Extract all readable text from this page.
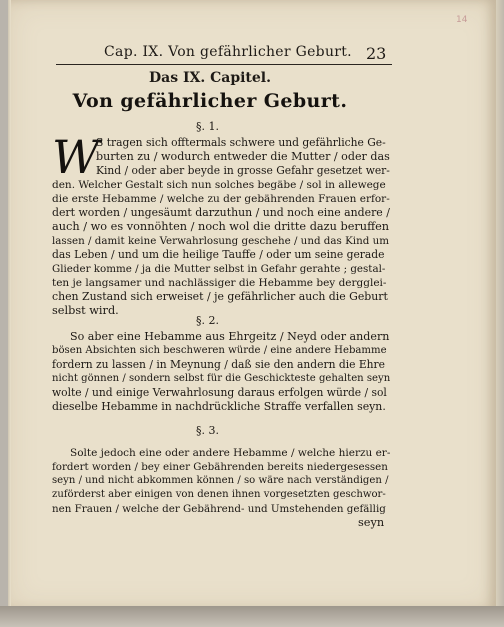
14
Cap. IX. Von gefährlicher Geburt. 23
Das IX. Capitel.
Von gefährlicher Geburt.
§. 1.
W
S tragen sich offtermals schwere und gefährliche Ge-
burten zu / wodurch entweder die Mutter / oder das
Kind / oder aber beyde in grosse Gefahr gesetzet wer-
den. Welcher Gestalt sich nun solches begäbe / sol in allewege
die erste Hebamme / welche zu der gebährenden Frauen erfor-
dert worden / ungesäumt darzuthun / und noch eine andere /
auch / wo es vonnöhten / noch wol die dritte dazu beruffen
lassen / damit keine Verwahrlosung geschehe / und das Kind um
das Leben / und um die heilige Tauffe / oder um seine gerade
Glieder komme / ja die Mutter selbst in Gefahr gerahte ; gestal-
ten je langsamer und nachlässiger die Hebamme bey dergglei-
chen Zustand sich erweiset / je gefährlicher auch die Geburt
selbst wird.
§. 2.
So aber eine Hebamme aus Ehrgeitz / Neyd oder andern
bösen Absichten sich beschweren würde / eine andere Hebamme
fordern zu lassen / in Meynung / daß sie den andern die Ehre
nicht gönnen / sondern selbst für die Geschickteste gehalten seyn
wolte / und einige Verwahrlosung daraus erfolgen würde / sol
dieselbe Hebamme in nachdrückliche Straffe verfallen seyn.
§. 3.
Solte jedoch eine oder andere Hebamme / welche hierzu er-
fordert worden / bey einer Gebährenden bereits niedergesessen
seyn / und nicht abkommen können / so wäre nach verständigen /
zuförderst aber einigen von denen ihnen vorgesetzten geschwor-
nen Frauen / welche der Gebährend- und Umstehenden gefällig
seyn
